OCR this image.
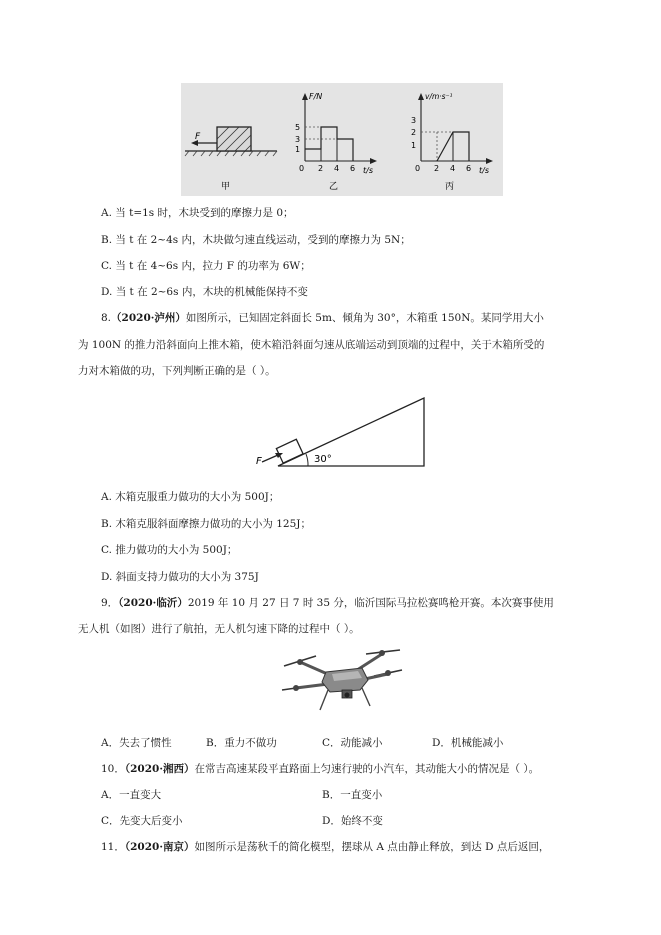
F
甲
F/N
t/s
5
3
1
0 2 4 6
乙
v/m·s⁻¹
t/s
3
2
1
0 2 4 6
丙
A. 当 t=1s 时，木块受到的摩擦力是 0；
B. 当 t 在 2~4s 内，木块做匀速直线运动，受到的摩擦力为 5N；
C. 当 t 在 4~6s 内，拉力 F 的功率为 6W；
D. 当 t 在 2~6s 内，木块的机械能保持不变
8.（2020·泸州）如图所示，已知固定斜面长 5m、倾角为 30°，木箱重 150N。某同学用大小
为 100N 的推力沿斜面向上推木箱，使木箱沿斜面匀速从底端运动到顶端的过程中，关于木箱所受的
力对木箱做的功，下列判断正确的是（ ）。
F	30°
A. 木箱克服重力做功的大小为 500J；
B. 木箱克服斜面摩擦力做功的大小为 125J；
C. 推力做功的大小为 500J；
D. 斜面支持力做功的大小为 375J
9．（2020·临沂）2019 年 10 月 27 日 7 时 35 分，临沂国际马拉松赛鸣枪开赛。本次赛事使用
无人机（如图）进行了航拍，无人机匀速下降的过程中（ ）。
A．失去了惯性	B．重力不做功	C．动能减小	D．机械能减小
10．（2020·湘西）在常吉高速某段平直路面上匀速行驶的小汽车，其动能大小的情况是（ ）。
A．一直变大	B．一直变小
C．先变大后变小	D．始终不变
11．（2020·南京）如图所示是荡秋千的简化模型，摆球从 A 点由静止释放，到达 D 点后返回，
